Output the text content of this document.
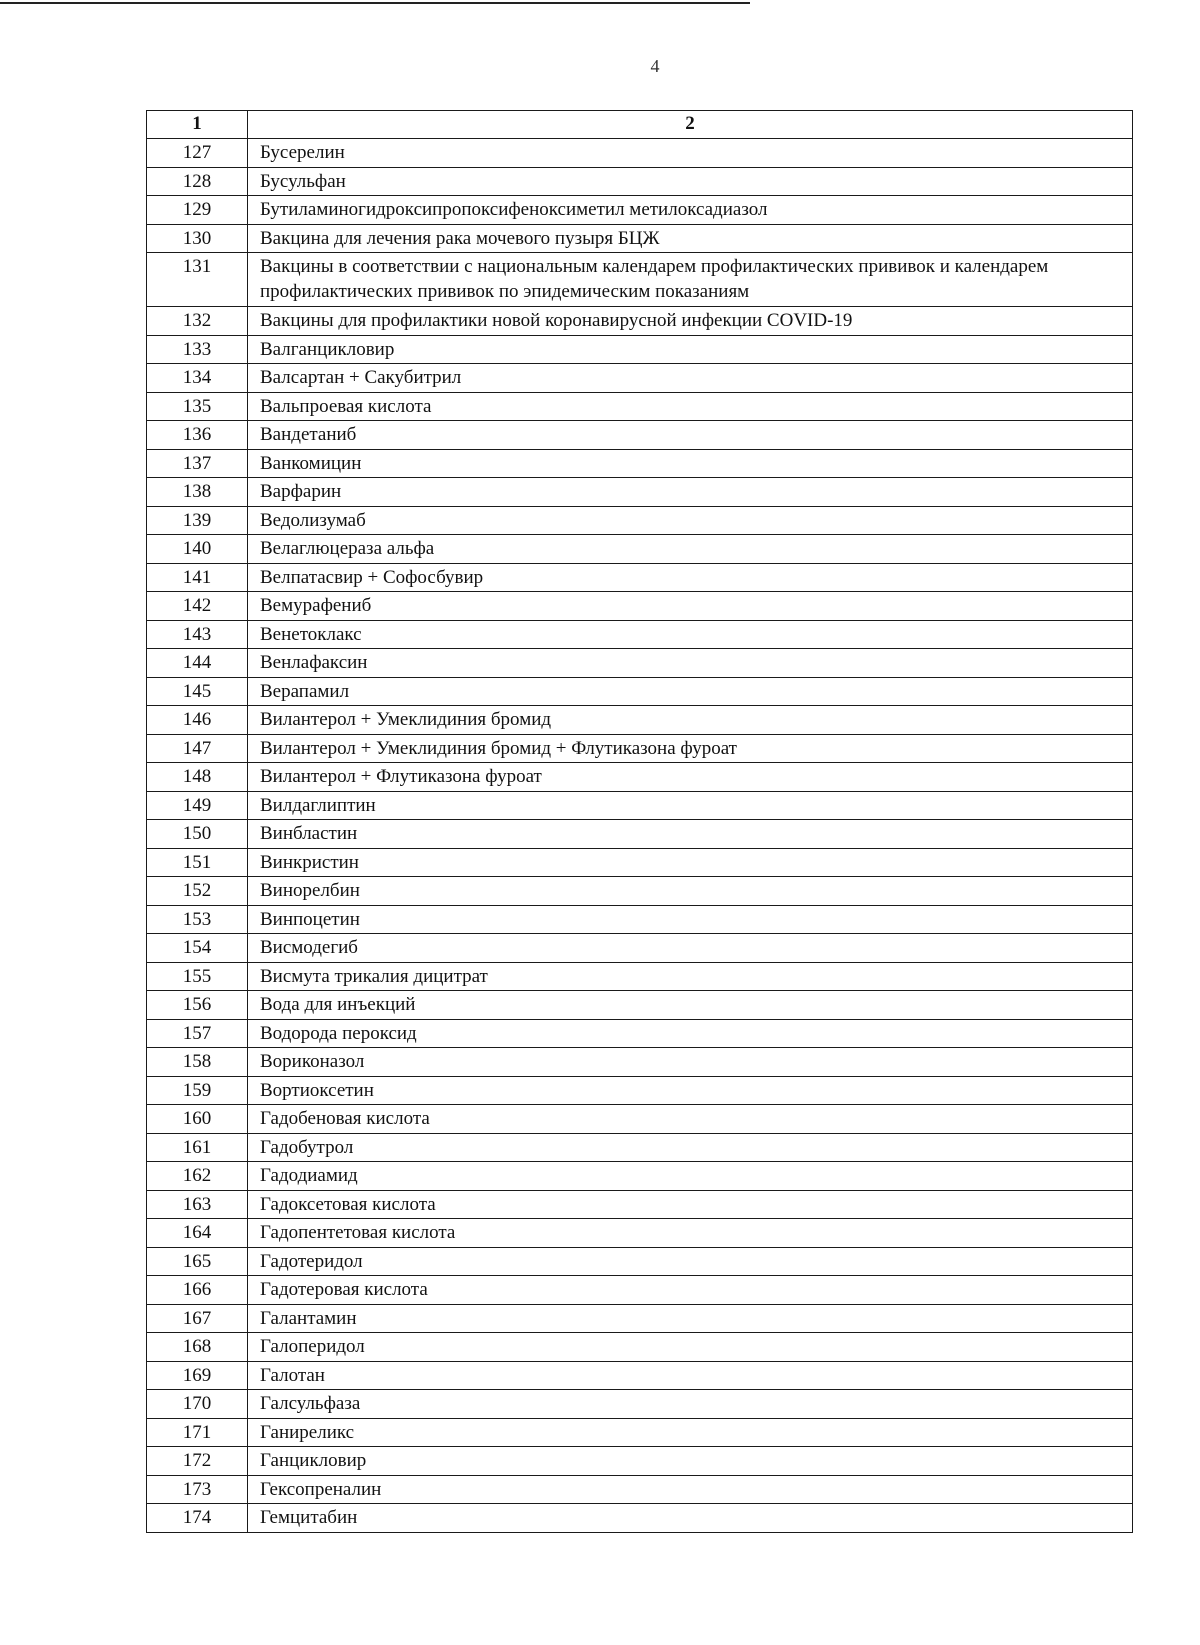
4
1	2
127	Бусерелин
128	Бусульфан
129	Бутиламиногидроксипропоксифеноксиметил метилоксадиазол
130	Вакцина для лечения рака мочевого пузыря БЦЖ
131	Вакцины в соответствии с национальным календарем профилактических прививок и календарем профилактических прививок по эпидемическим показаниям
132	Вакцины для профилактики новой коронавирусной инфекции COVID-19
133	Валганцикловир
134	Валсартан + Сакубитрил
135	Вальпроевая кислота
136	Вандетаниб
137	Ванкомицин
138	Варфарин
139	Ведолизумаб
140	Велаглюцераза альфа
141	Велпатасвир + Софосбувир
142	Вемурафениб
143	Венетоклакс
144	Венлафаксин
145	Верапамил
146	Вилантерол + Умеклидиния бромид
147	Вилантерол + Умеклидиния бромид + Флутиказона фуроат
148	Вилантерол + Флутиказона фуроат
149	Вилдаглиптин
150	Винбластин
151	Винкристин
152	Винорелбин
153	Винпоцетин
154	Висмодегиб
155	Висмута трикалия дицитрат
156	Вода для инъекций
157	Водорода пероксид
158	Вориконазол
159	Вортиоксетин
160	Гадобеновая кислота
161	Гадобутрол
162	Гадодиамид
163	Гадоксетовая кислота
164	Гадопентетовая кислота
165	Гадотеридол
166	Гадотеровая кислота
167	Галантамин
168	Галоперидол
169	Галотан
170	Галсульфаза
171	Ганирeликс
172	Ганцикловир
173	Гексопреналин
174	Гемцитабин
